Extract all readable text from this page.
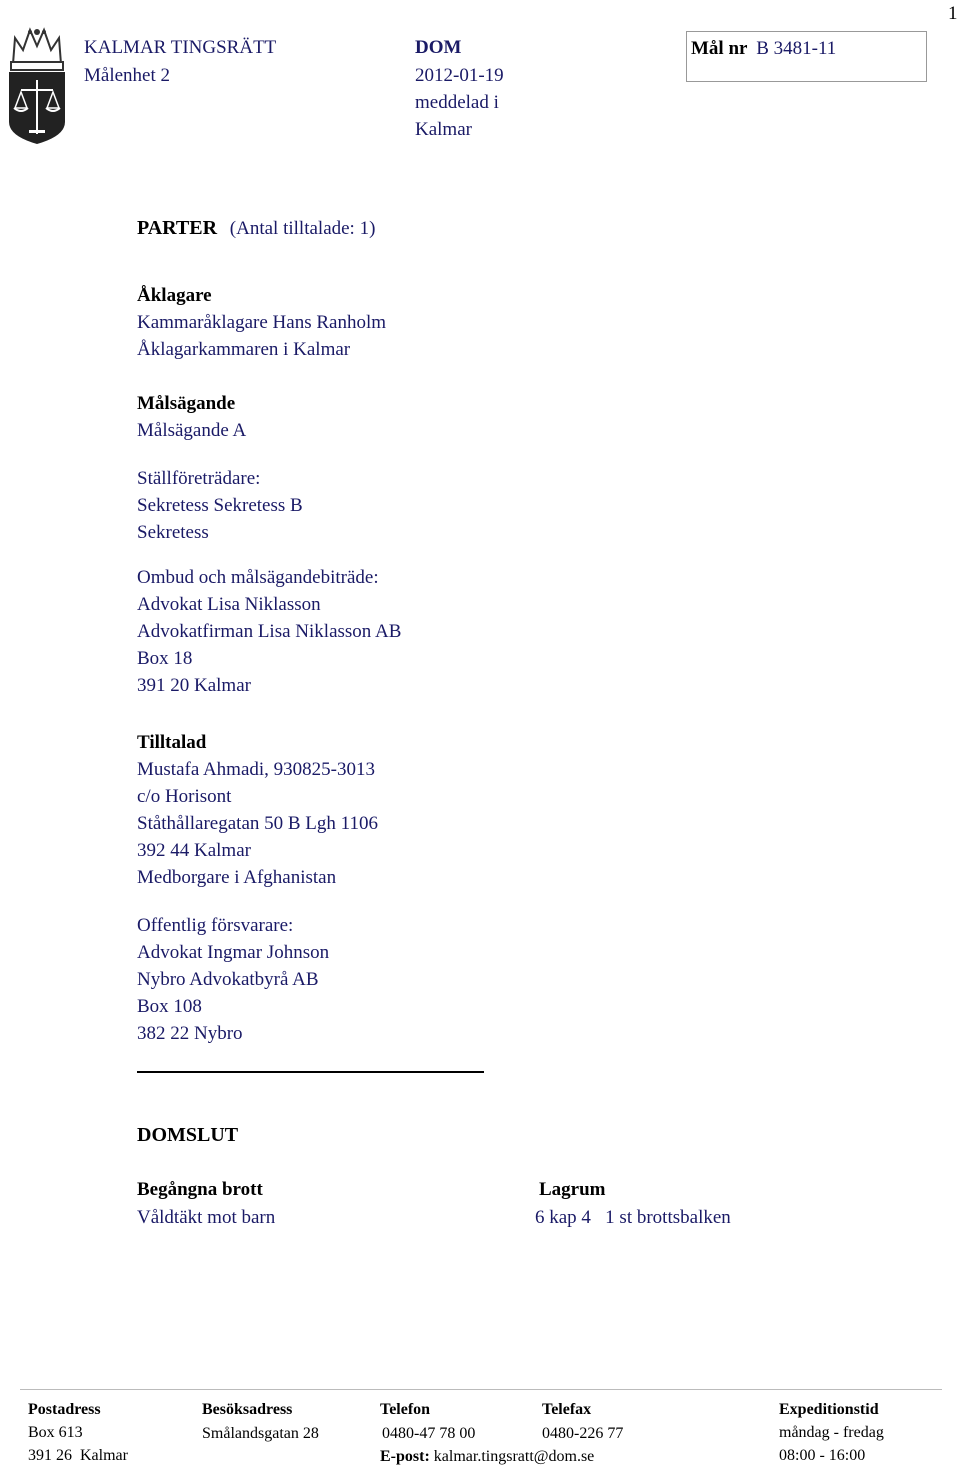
1
KALMAR TINGSRÄTT
Målenhet 2
DOM
2012-01-19
meddelad i
Kalmar
Mål nr B 3481-11
PARTER (Antal tilltalade: 1)
Åklagare
Kammaråklagare Hans Ranholm
Åklagarkammaren i Kalmar
Målsägande
Målsägande A
Ställföreträdare:
Sekretess Sekretess B
Sekretess
Ombud och målsägandebiträde:
Advokat Lisa Niklasson
Advokatfirman Lisa Niklasson AB
Box 18
391 20 Kalmar
Tilltalad
Mustafa Ahmadi, 930825-3013
c/o Horisont
Ståthållaregatan 50 B Lgh 1106
392 44 Kalmar
Medborgare i Afghanistan
Offentlig försvarare:
Advokat Ingmar Johnson
Nybro Advokatbyrå AB
Box 108
382 22 Nybro
DOMSLUT
Begångna brott
Våldtäkt mot barn
Lagrum
6 kap 4   1 st brottsbalken
Postadress
Box 613
391 26  Kalmar
Besöksadress
Smålandsgatan 28
Telefon
0480-47 78 00
E-post: kalmar.tingsratt@dom.se
Telefax
0480-226 77
Expeditionstid
måndag - fredag
08:00 - 16:00
